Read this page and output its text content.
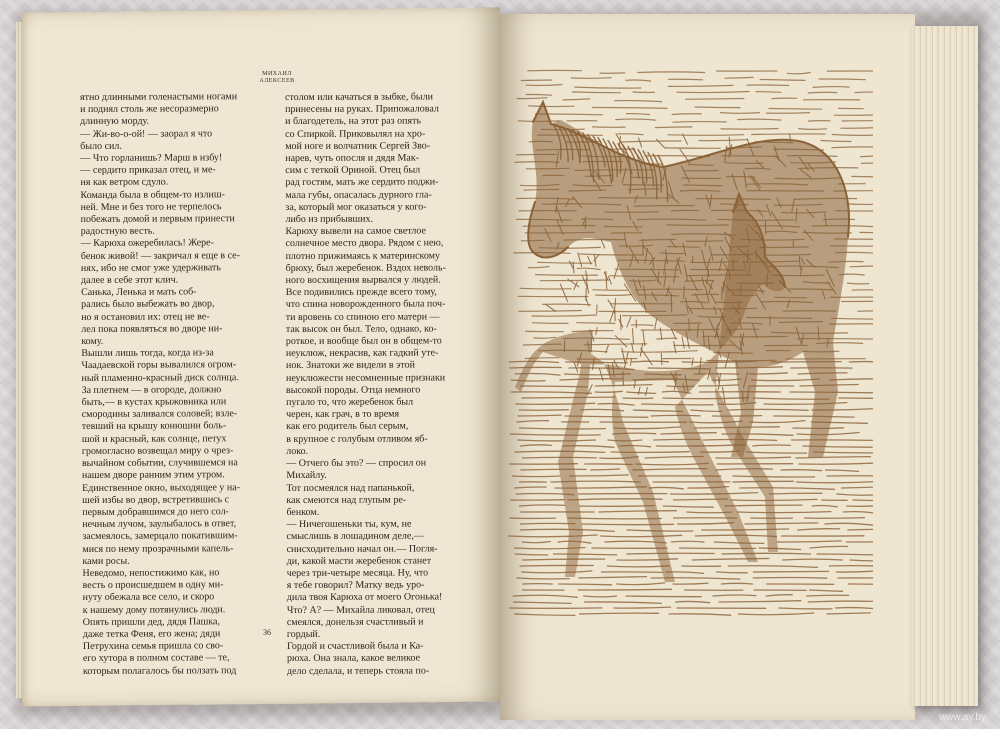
МИХАИЛ
АЛЕКСЕЕВ

ятно длинными голенастыми ногами

и поднял столь же несоразмерно

длинную морду.

— Жи-во-о-ой! — заорал я что

было сил.

— Что горланишь? Марш в избу!

— сердито приказал отец, и ме-

ня как ветром сдуло.

Команда была в общем-то излиш-

ней. Мне и без того не терпелось

побежать домой и первым принести

радостную весть.

— Карюха ожеребилась! Жере-

бенок живой! — закричал я еще в се-

нях, ибо не смог уже удерживать

далее в себе этот клич.

Санька, Ленька и мать соб-

рались было выбежать во двор,

но я остановил их: отец не ве-

лел пока появляться во дворе ни-

кому.

Вышли лишь тогда, когда из-за

Чаадаевской горы вывалился огром-

ный пламенно-красный диск солнца.

За плетнем — в огороде, должно

быть,— в кустах крыжовника или

смородины заливался соловей; взле-

тевший на крышу конюшни боль-

шой и красный, как солнце, петух

громогласно возвещал миру о чрез-

вычайном событии, случившемся на

нашем дворе ранним этим утром.

Единственное окно, выходящее у на-

шей избы во двор, встретившись с

первым добравшимся до него сол-

нечным лучом, заулыбалось в ответ,

засмеялось, замерцало покатившим-

мися по нему прозрачными капель-

ками росы.

Неведомо, непостижимо как, но

весть о происшедшем в одну ми-

нуту обежала все село, и скоро

к нашему дому потянулись люди.

Опять пришли дед, дядя Пашка,

даже тетка Феня, его жена; дяди

Петрухина семья пришла со сво-

его хутора в полном составе — те,

которым полагалось бы ползать под

столом или качаться в зыбке, были

принесены на руках. Припожаловал

и благодетель, на этот раз опять

со Спиркой. Приковылял на хро-

мой ноге и волчатник Сергей Зво-

нарев, чуть опосля и дядя Мак-

сим с теткой Ориной. Отец был

рад гостям, мать же сердито поджи-

мала губы, опасалась дурного гла-

за, который мог оказаться у кого-

либо из прибывших.

Карюху вывели на самое светлое

солнечное место двора. Рядом с нею,

плотно прижимаясь к материнскому

брюху, был жеребенок. Вздох неволь-

ного восхищения вырвался у людей.

Все подивились прежде всего тому,

что спина новорожденного была поч-

ти вровень со спиною его матери —

так высок он был. Тело, однако, ко-

роткое, и вообще был он в общем-то

неуклюж, некрасив, как гадкий уте-

нок. Знатоки же видели в этой

неуклюжести несомненные признаки

высокой породы. Отца немного

пугало то, что жеребенок был

черен, как грач, в то время

как его родитель был серым,

в крупное с голубым отливом яб-

локо.

— Отчего бы это? — спросил он

Михайлу.

Тот посмеялся над папанькой,

как смеются над глупым ре-

бенком.

— Ничегошеньки ты, кум, не

смыслишь в лошадином деле,—

снисходительно начал он.— Погля-

ди, какой масти жеребенок станет

через три-четыре месяца. Ну, что

я тебе говорил? Матку ведь уро-

дила твоя Карюха от моего Огонька!

Что? А? — Михайла ликовал, отец

смеялся, донельзя счастливый и

гордый.

Гордой и счастливой была и Ка-

рюха. Она знала, какое великое

дело сделала, и теперь стояла по-

36
www.ay.by
